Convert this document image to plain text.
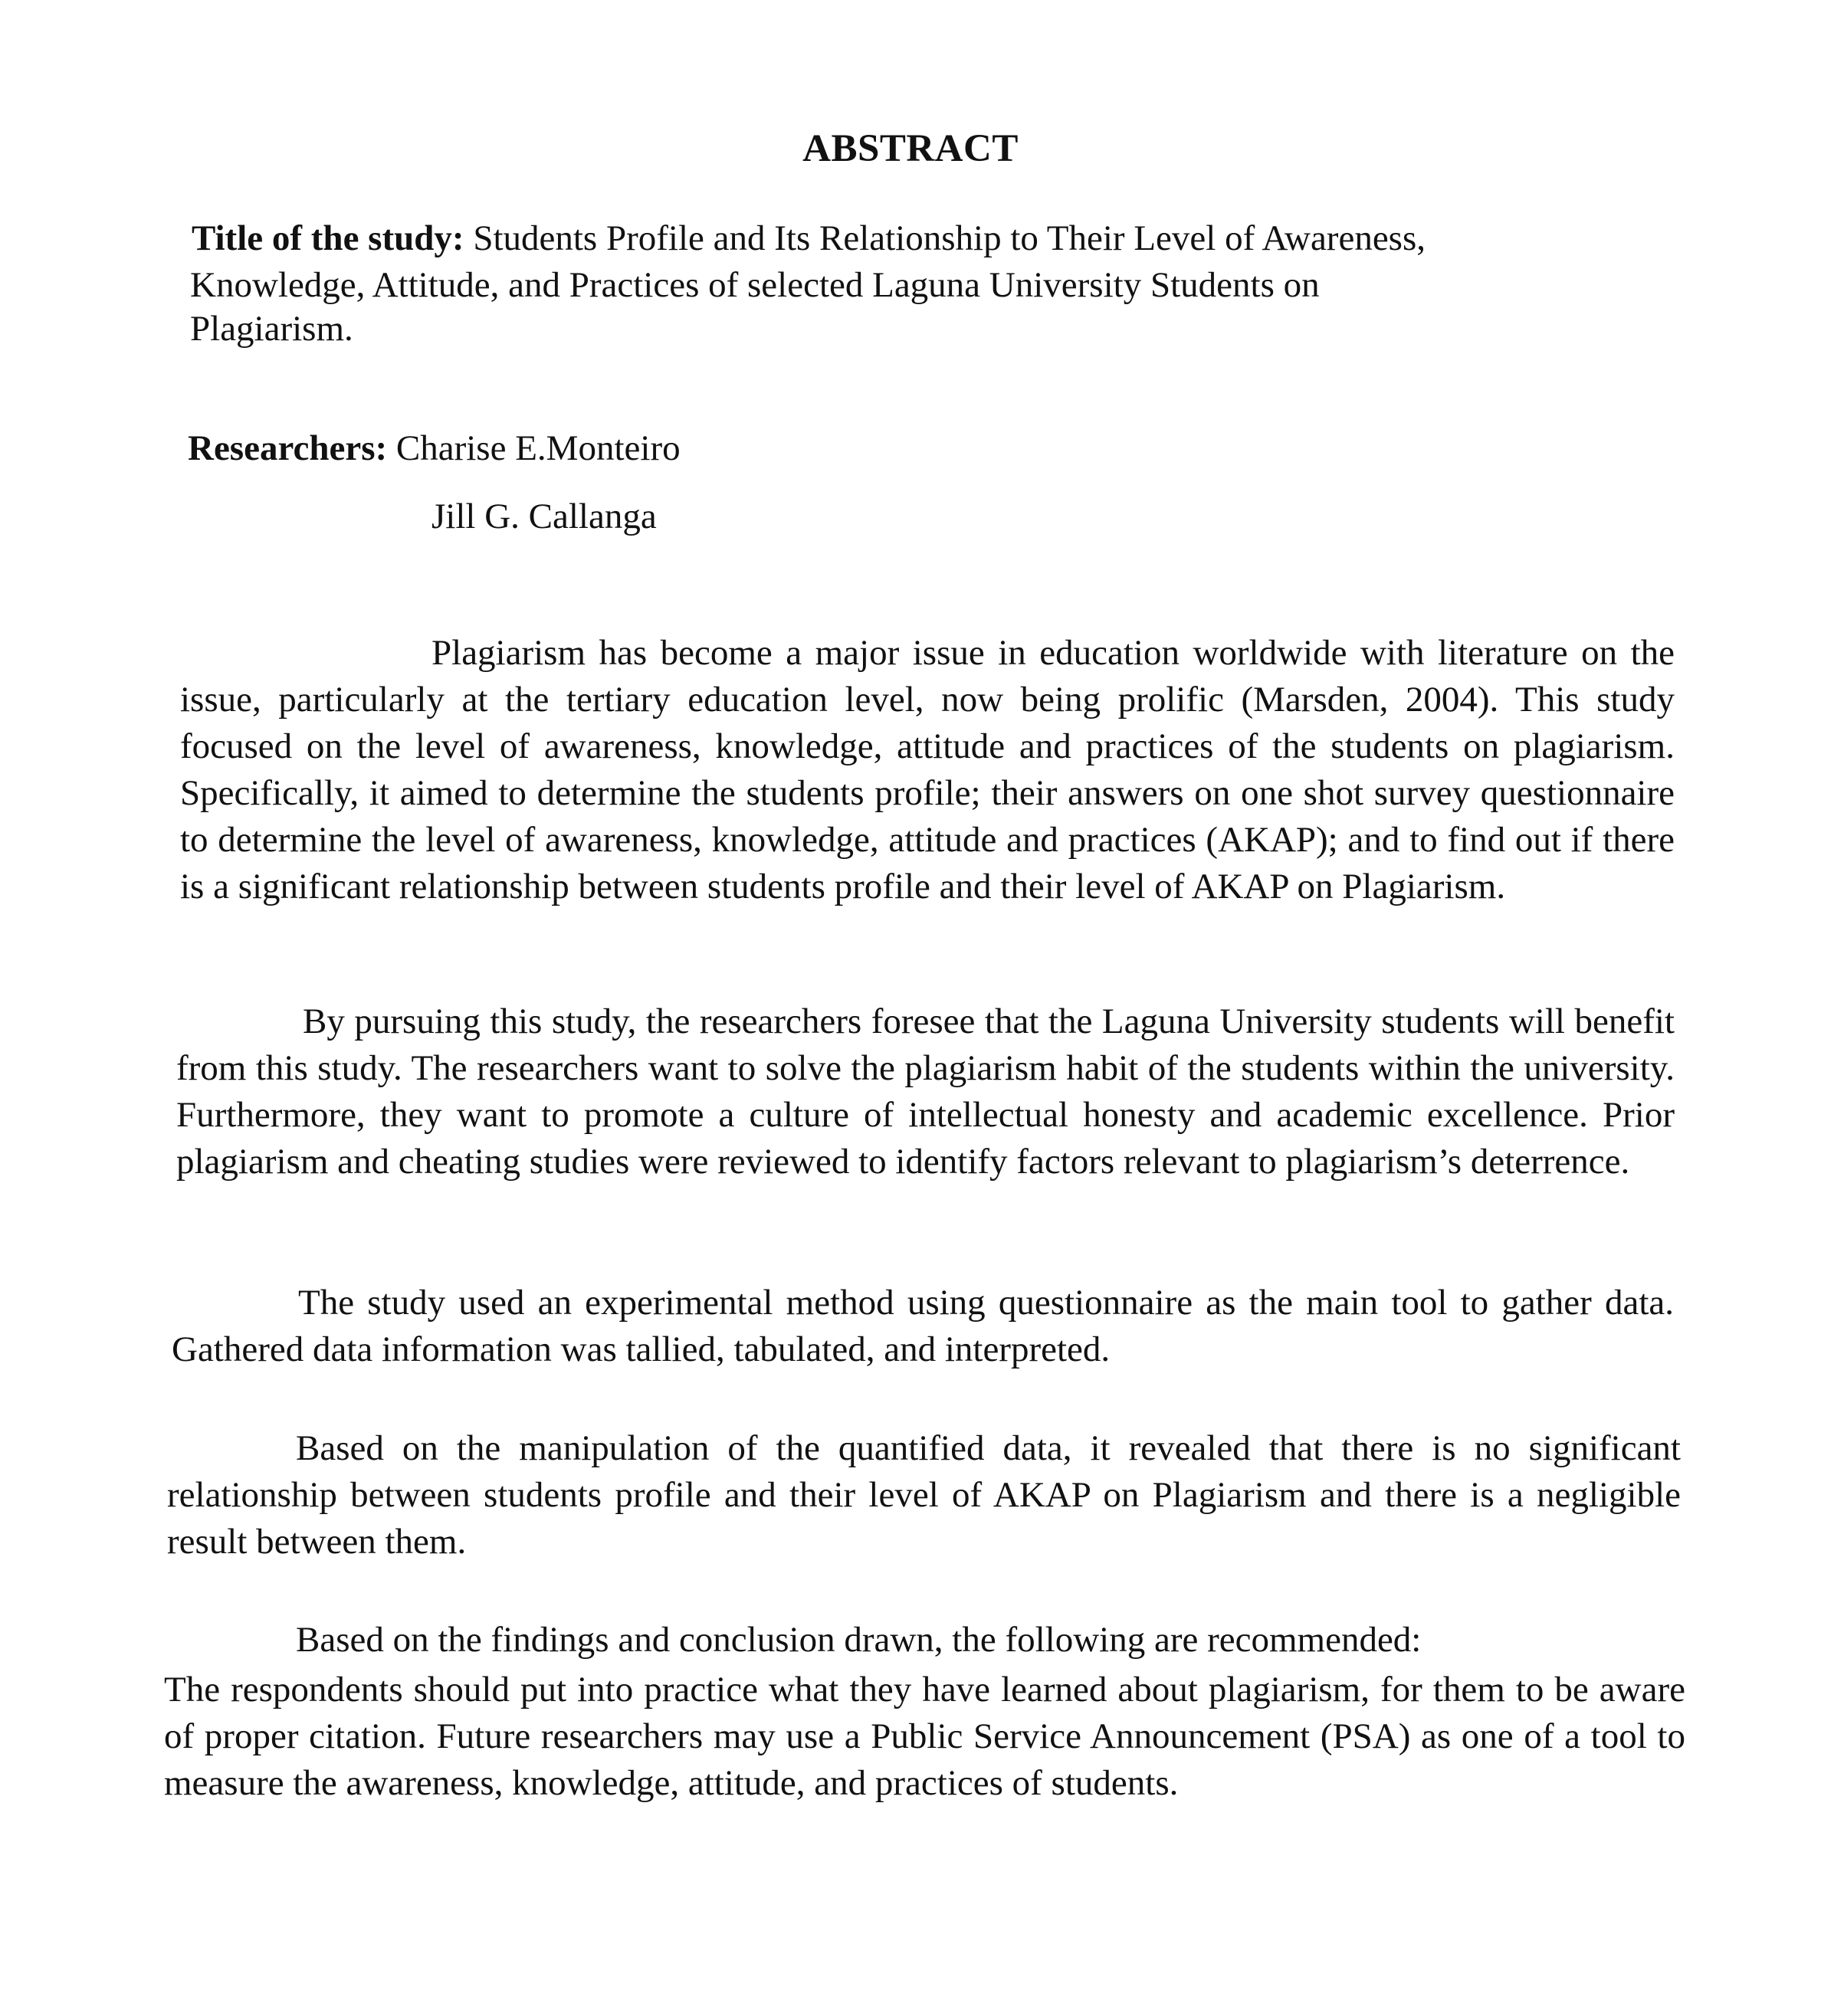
ABSTRACT
Title of the study: Students Profile and Its Relationship to Their Level of Awareness,
Knowledge, Attitude, and Practices of selected Laguna University Students on
Plagiarism.
Researchers: Charise E.Monteiro
Jill G. Callanga
Plagiarism has become a major issue in education worldwide with literature on the issue, particularly at the tertiary education level, now being prolific (Marsden, 2004). This study focused on the level of awareness, knowledge, attitude and practices of the students on plagiarism. Specifically, it aimed to determine the students profile; their answers on one shot survey questionnaire to determine the level of awareness, knowledge, attitude and practices (AKAP); and to find out if there is a significant relationship between students profile and their level of AKAP on Plagiarism.
By pursuing this study, the researchers foresee that the Laguna University students will benefit from this study. The researchers want to solve the plagiarism habit of the students within the university. Furthermore, they want to promote a culture of intellectual honesty and academic excellence. Prior plagiarism and cheating studies were reviewed to identify factors relevant to plagiarism’s deterrence.
The study used an experimental method using questionnaire as the main tool to gather data. Gathered data information was tallied, tabulated, and interpreted.
Based on the manipulation of the quantified data, it revealed that there is no significant relationship between students profile and their level of AKAP on Plagiarism and there is a negligible result between them.
Based on the findings and conclusion drawn, the following are recommended:
The respondents should put into practice what they have learned about plagiarism, for them to be aware of proper citation. Future researchers may use a Public Service Announcement (PSA) as one of a tool to measure the awareness, knowledge, attitude, and practices of students.
